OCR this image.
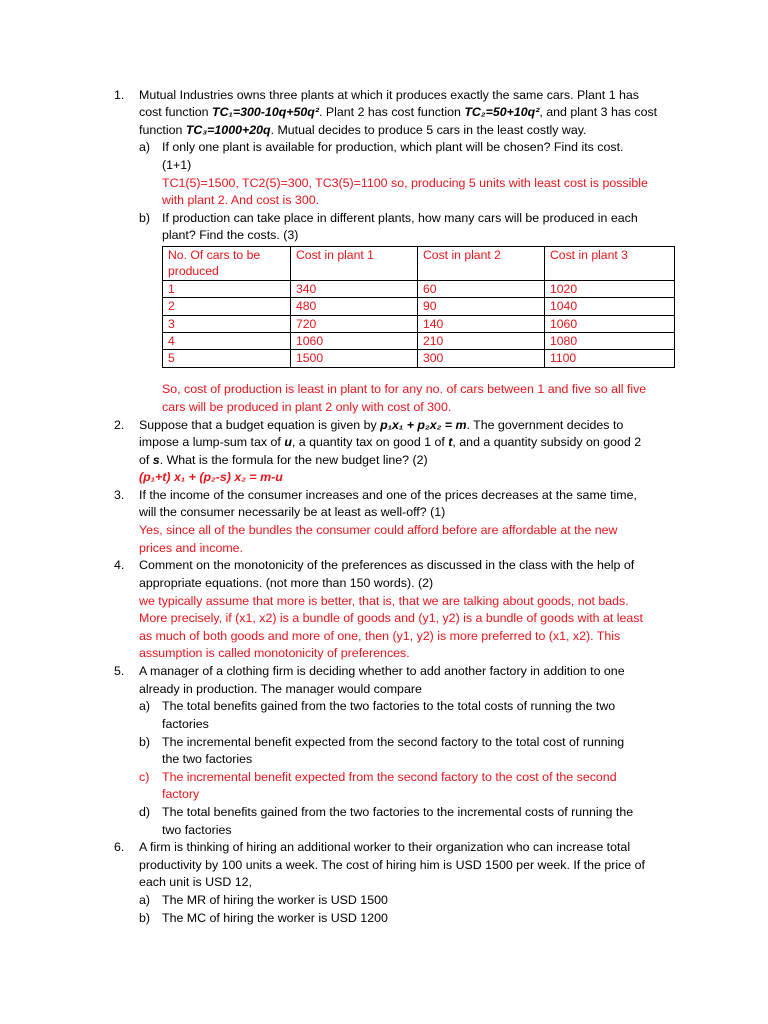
1. Mutual Industries owns three plants at which it produces exactly the same cars. Plant 1 has
cost function TC₁=300-10q+50q². Plant 2 has cost function TC₂=50+10q², and plant 3 has cost
function TC₃=1000+20q. Mutual decides to produce 5 cars in the least costly way.
a) If only one plant is available for production, which plant will be chosen? Find its cost.
(1+1)
TC1(5)=1500, TC2(5)=300, TC3(5)=1100 so, producing 5 units with least cost is possible
with plant 2. And cost is 300.
b) If production can take place in different plants, how many cars will be produced in each
plant? Find the costs. (3)
No. Of cars to be produced	Cost in plant 1	Cost in plant 2	Cost in plant 3
1	340	60	1020
2	480	90	1040
3	720	140	1060
4	1060	210	1080
5	1500	300	1100
So, cost of production is least in plant to for any no. of cars between 1 and five so all five
cars will be produced in plant 2 only with cost of 300.
2. Suppose that a budget equation is given by p₁x₁ + p₂x₂ = m. The government decides to
impose a lump-sum tax of u, a quantity tax on good 1 of t, and a quantity subsidy on good 2
of s. What is the formula for the new budget line? (2)
(p₁+t) x₁ + (p₂-s) x₂ = m-u
3. If the income of the consumer increases and one of the prices decreases at the same time,
will the consumer necessarily be at least as well-off? (1)
Yes, since all of the bundles the consumer could afford before are affordable at the new
prices and income.
4. Comment on the monotonicity of the preferences as discussed in the class with the help of
appropriate equations. (not more than 150 words). (2)
we typically assume that more is better, that is, that we are talking about goods, not bads.
More precisely, if (x1, x2) is a bundle of goods and (y1, y2) is a bundle of goods with at least
as much of both goods and more of one, then (y1, y2) is more preferred to (x1, x2). This
assumption is called monotonicity of preferences.
5. A manager of a clothing firm is deciding whether to add another factory in addition to one
already in production. The manager would compare
a) The total benefits gained from the two factories to the total costs of running the two
factories
b) The incremental benefit expected from the second factory to the total cost of running
the two factories
c) The incremental benefit expected from the second factory to the cost of the second
factory
d) The total benefits gained from the two factories to the incremental costs of running the
two factories
6. A firm is thinking of hiring an additional worker to their organization who can increase total
productivity by 100 units a week. The cost of hiring him is USD 1500 per week. If the price of
each unit is USD 12,
a) The MR of hiring the worker is USD 1500
b) The MC of hiring the worker is USD 1200
